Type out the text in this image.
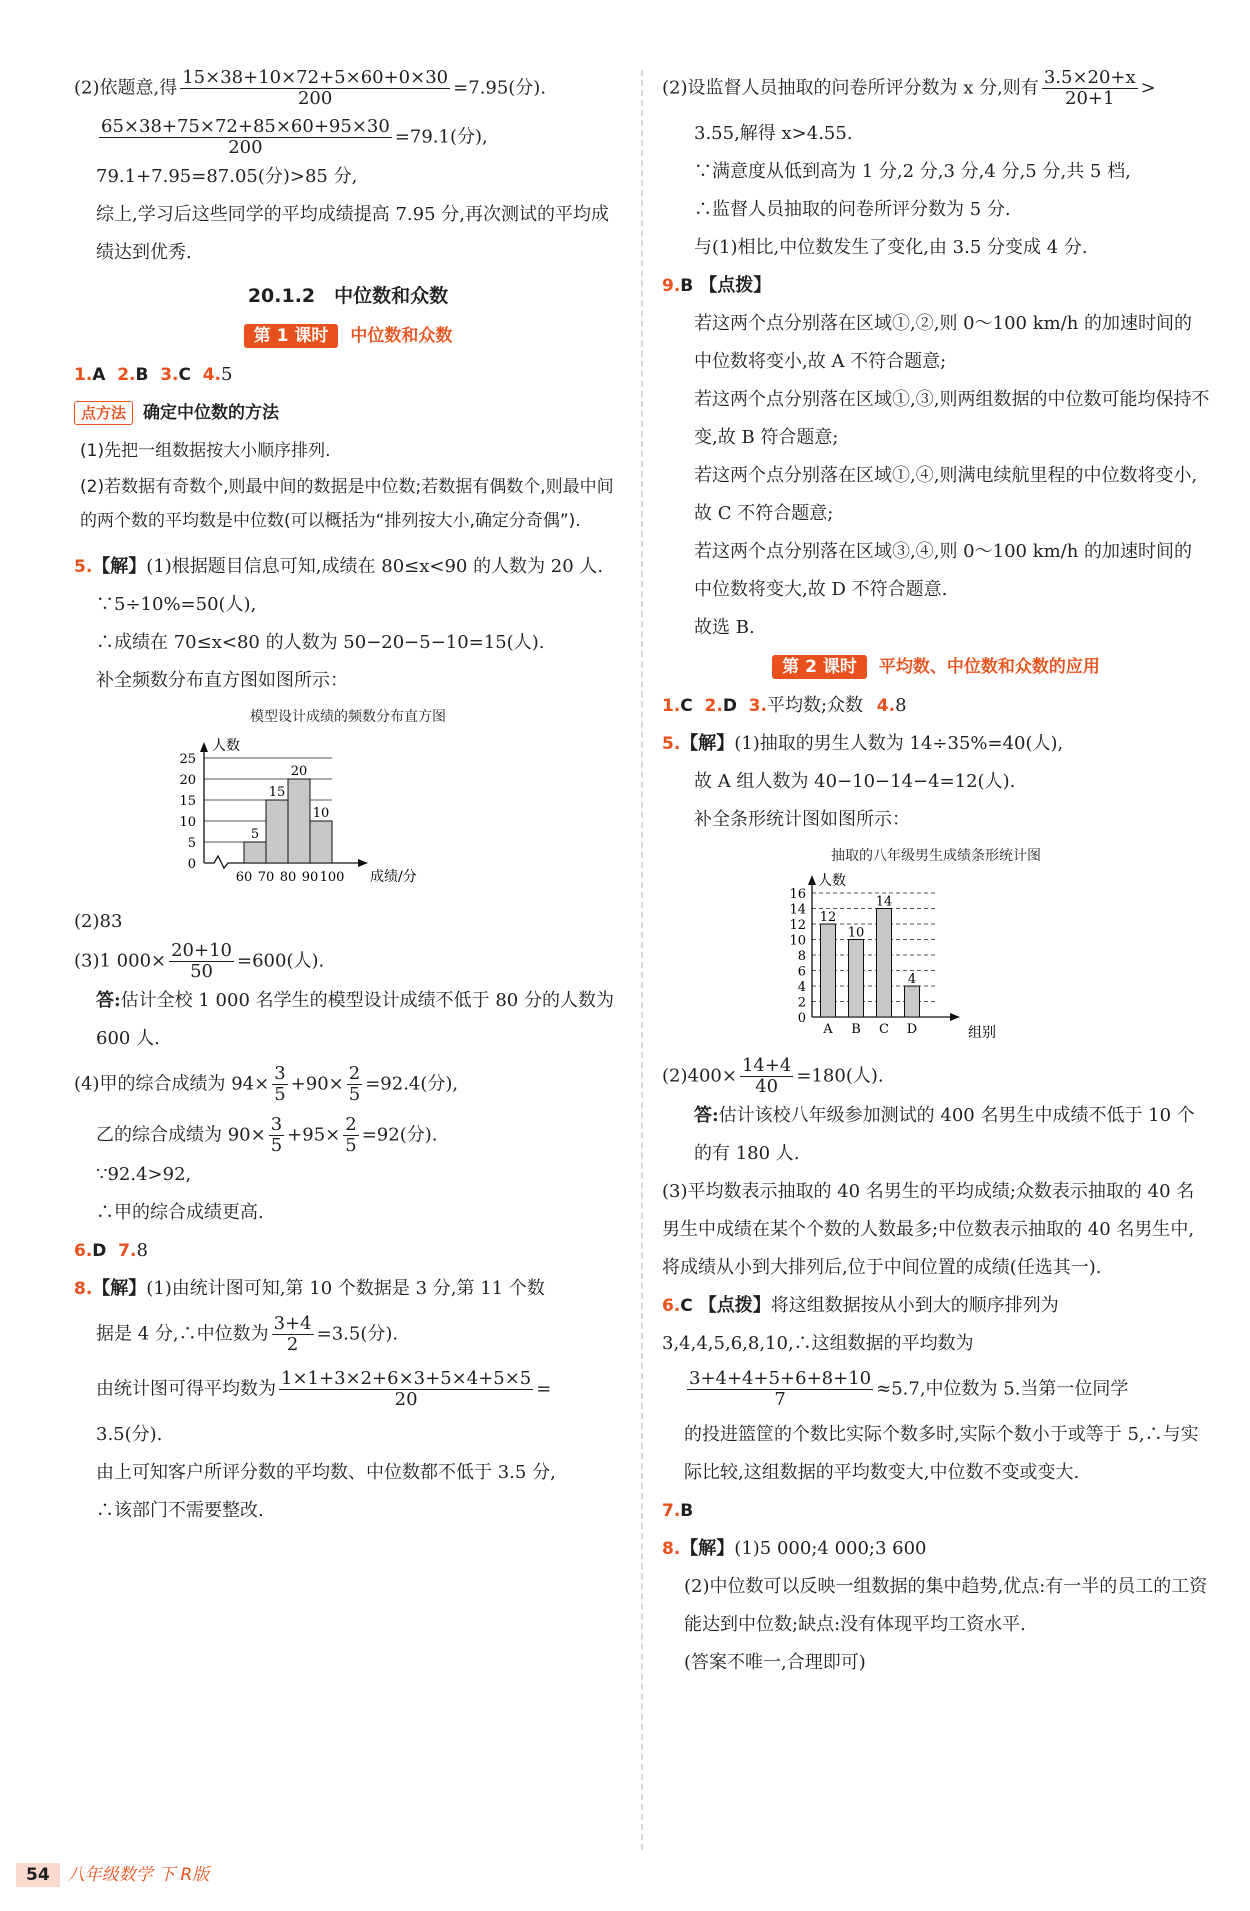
(2)依题意,得 $\frac{15\times 38+10\times 72+5\times 60+0\times 30}{200} =7.95$(分).

$\frac{65\times 38+75\times 72+85\times 60+95\times 30}{200} =79.1$(分),

79.1+7.95=87.05(分)>85 分,

综上,学习后这些同学的平均成绩提高 7.95 分,再次测试的平均成绩达到优秀.

20.1.2　中位数和众数
第 1 课时 中位数和众数

1.A 2.B 3.C 4.5

点方法 确定中位数的方法

(1)先把一组数据按大小顺序排列.

(2)若数据有奇数个,则最中间的数据是中位数;若数据有偶数个,则最中间的两个数的平均数是中位数(可以概括为“排列按大小,确定分奇偶”).

5.【解】(1)根据题目信息可知,成绩在 80≤x<90 的人数为 20 人.

∵5÷10%=50(人),

∴成绩在 70≤x<80 的人数为 50−20−5−10=15(人).

补全频数分布直方图如图所示：

模型设计成绩的频数分布直方图
0
5
10
15
20
25
人数
60 70 80 90 100 成绩/分
5
15
20
10

(2)83

(3)1 $000\times \frac{20+10}{50} =600$(人).

答:估计全校 1 000 名学生的模型设计成绩不低于 80 分的人数为 600 人.

(4)甲的综合成绩为 $94\times \frac{3}{5} +90\times \frac{2}{5} =92.4$(分),

乙的综合成绩为 $90\times \frac{3}{5} +95\times \frac{2}{5} =92$(分).

∵92.4>92,

∴甲的综合成绩更高.

6.D 7.8

8.【解】(1)由统计图可知,第 10 个数据是 3 分,第 11 个数

据是 4 分,∴中位数为 $\frac{3+4}{2} =3.5$(分).

由统计图可得平均数为 $\frac{1\times 1+3\times 2+6\times 3+5\times 4+5\times 5}{20}$ =

3.5(分).

由上可知客户所评分数的平均数、中位数都不低于 3.5 分,

∴该部门不需要整改.

(2)设监督人员抽取的问卷所评分数为 x 分,则有 $\frac{3.5\times 20+x}{20+1}$ >

3.55,解得 x>4.55.

∵满意度从低到高为 1 分,2 分,3 分,4 分,5 分,共 5 档,

∴监督人员抽取的问卷所评分数为 5 分.

与(1)相比,中位数发生了变化,由 3.5 分变成 4 分.

9.B 【点拨】

若这两个点分别落在区域①,②,则 0～100 km/h 的加速时间的中位数将变小,故 A 不符合题意;

若这两个点分别落在区域①,③,则两组数据的中位数可能均保持不变,故 B 符合题意;

若这两个点分别落在区域①,④,则满电续航里程的中位数将变小,故 C 不符合题意;

若这两个点分别落在区域③,④,则 0～100 km/h 的加速时间的中位数将变大,故 D 不符合题意.

故选 B.

第 2 课时 平均数、中位数和众数的应用

1.C 2.D 3.平均数;众数 4.8

5.【解】(1)抽取的男生人数为 14÷35%=40(人),

故 A 组人数为 40−10−14−4=12(人).

补全条形统计图如图所示：

抽取的八年级男生成绩条形统计图
0
2
4
6
8
10
12
14
16
人数
组别
12
A
10
B
14
C
4
D

$(2)400\times \frac{14+4}{40} =180$(人).

答:估计该校八年级参加测试的 400 名男生中成绩不低于 10 个的有 180 人.

(3)平均数表示抽取的 40 名男生的平均成绩;众数表示抽取的 40 名男生中成绩在某个个数的人数最多;中位数表示抽取的 40 名男生中,将成绩从小到大排列后,位于中间位置的成绩(任选其一).

6.C 【点拨】将这组数据按从小到大的顺序排列为 3,4,4,5,6,8,10,∴这组数据的平均数为

$\frac{3+4+4+5+6+8+10}{7} \approx 5.7$,中位数为 5.当第一位同学

的投进篮筐的个数比实际个数多时,实际个数小于或等于 5,∴与实际比较,这组数据的平均数变大,中位数不变或变大.

7.B

8.【解】(1)5 000;4 000;3 600

(2)中位数可以反映一组数据的集中趋势,优点:有一半的员工的工资能达到中位数;缺点:没有体现平均工资水平.

(答案不唯一,合理即可)

54 八年级数学 下 R版
